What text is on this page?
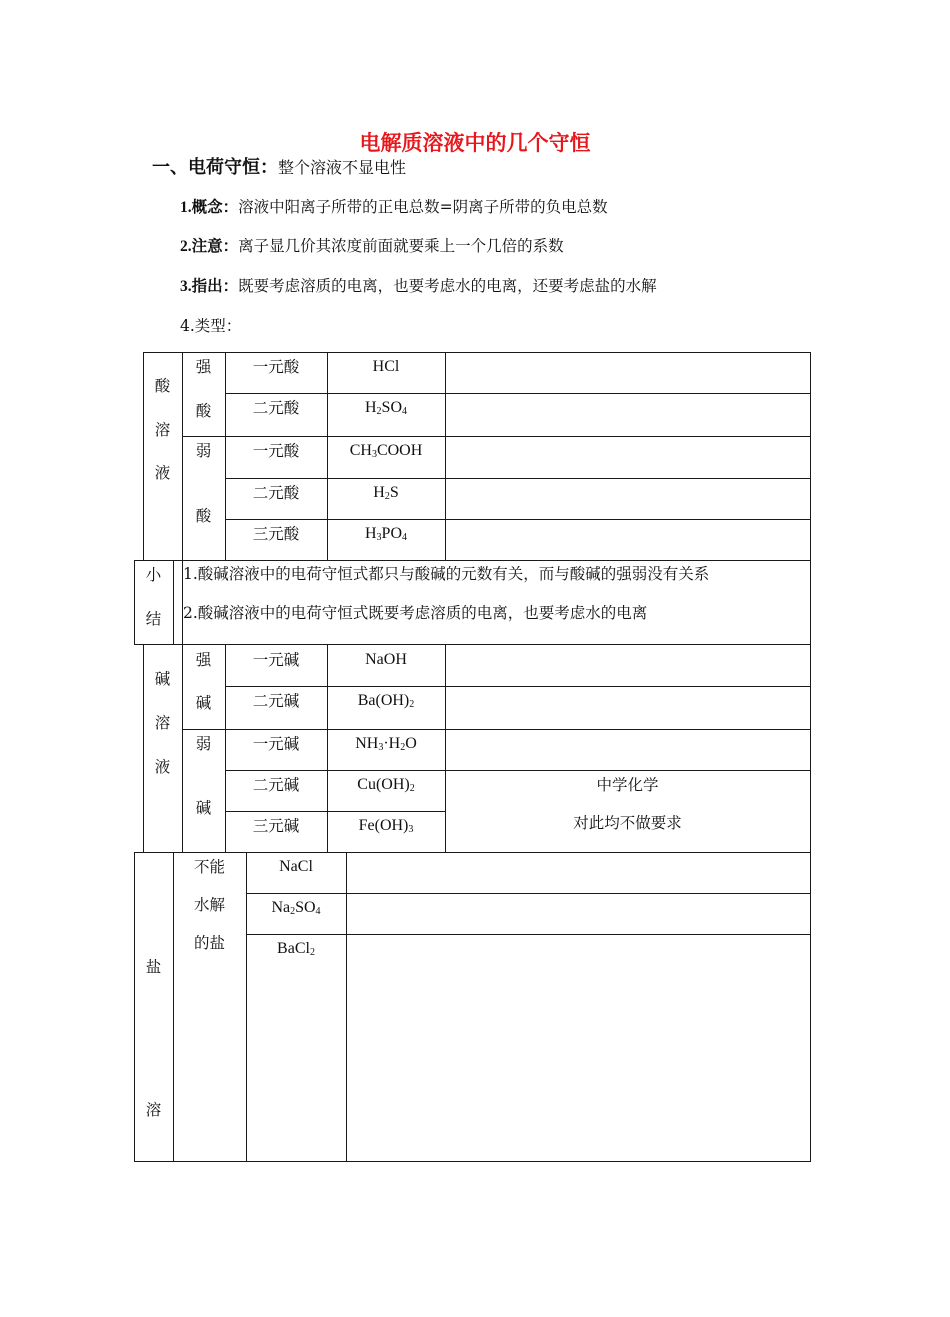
电解质溶液中的几个守恒
一、电荷守恒：整个溶液不显电性
1.概念：溶液中阳离子所带的正电总数=阴离子所带的负电总数
2.注意：离子显几价其浓度前面就要乘上一个几倍的系数
3.指出：既要考虑溶质的电离，也要考虑水的电离，还要考虑盐的水解
4.类型：
酸
溶
液
强
酸
弱
酸
一元酸
二元酸
一元酸
二元酸
三元酸
HCl
$H_2SO_4$
$CH_3COOH$
$H_2S$
$H_3PO_4$
小
结
1.酸碱溶液中的电荷守恒式都只与酸碱的元数有关，而与酸碱的强弱没有关系
2.酸碱溶液中的电荷守恒式既要考虑溶质的电离，也要考虑水的电离
碱
溶
液
强
碱
弱
碱
一元碱
二元碱
一元碱
二元碱
三元碱
NaOH
$Ba(OH)_2$
$NH_3\cdot H_2O$
$Cu(OH)_2$
$Fe(OH)_3$
中学化学
对此均不做要求
盐
溶
不能
水解
的盐
NaCl
$Na_2SO_4$
BaCl$_2$
